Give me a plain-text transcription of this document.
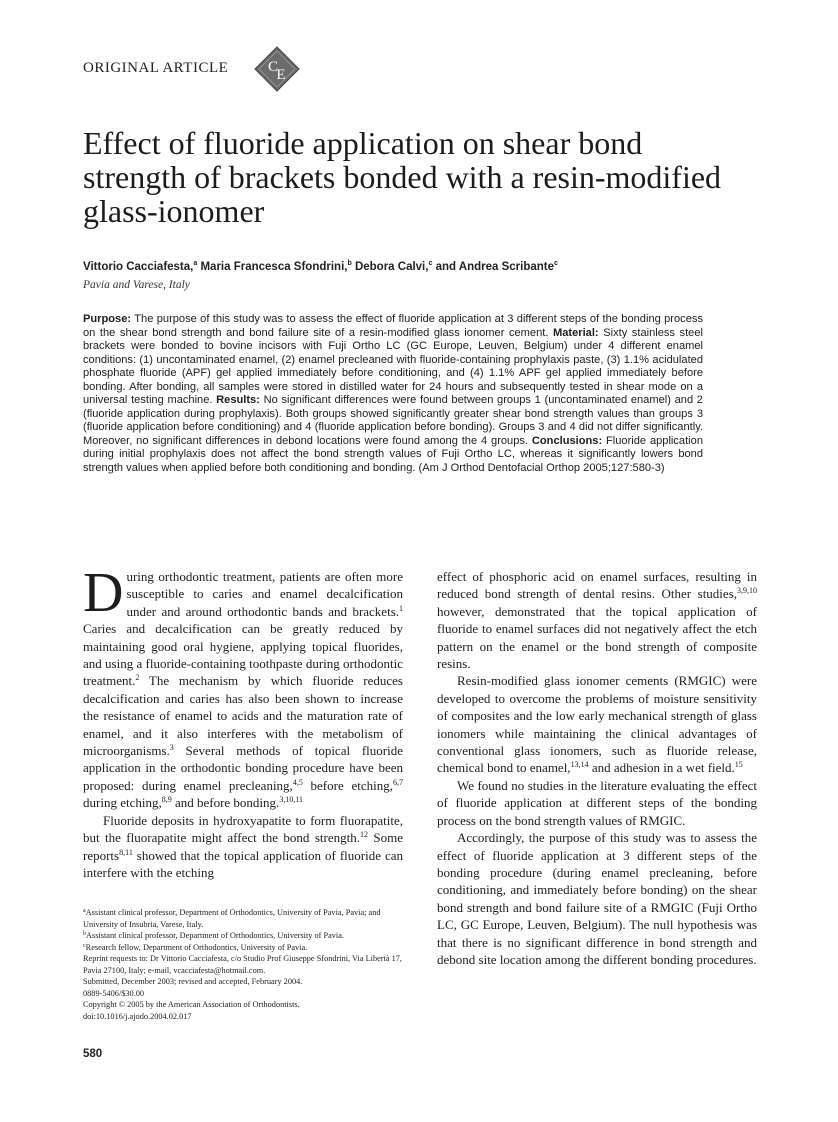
ORIGINAL ARTICLE	C
E
Effect of fluoride application on shear bond strength of brackets bonded with a resin-modified glass-ionomer
Vittorio Cacciafesta,$^a$ Maria Francesca Sfondrini,$^b$ Debora Calvi,$^c$ and Andrea Scribante$^c$
Pavia and Varese, Italy

Purpose: The purpose of this study was to assess the effect of fluoride application at 3 different steps of the bonding process on the shear bond strength and bond failure site of a resin-modified glass ionomer cement. Material: Sixty stainless steel brackets were bonded to bovine incisors with Fuji Ortho LC (GC Europe, Leuven, Belgium) under 4 different enamel conditions: (1) uncontaminated enamel, (2) enamel precleaned with fluoride-containing prophylaxis paste, (3) 1.1% acidulated phosphate fluoride (APF) gel applied immediately before conditioning, and (4) 1.1% APF gel applied immediately before bonding. After bonding, all samples were stored in distilled water for 24 hours and subsequently tested in shear mode on a universal testing machine. Results: No significant differences were found between groups 1 (uncontaminated enamel) and 2 (fluoride application during prophylaxis). Both groups showed significantly greater shear bond strength values than groups 3 (fluoride application before conditioning) and 4 (fluoride application before bonding). Groups 3 and 4 did not differ significantly. Moreover, no significant differences in debond locations were found among the 4 groups. Conclusions: Fluoride application during initial prophylaxis does not affect the bond strength values of Fuji Ortho LC, whereas it significantly lowers bond strength values when applied before both conditioning and bonding. (Am J Orthod Dentofacial Orthop 2005;127:580-3)

During orthodontic treatment, patients are often more susceptible to caries and enamel decalcification under and around orthodontic bands and brackets.$^1$ Caries and decalcification can be greatly reduced by maintaining good oral hygiene, applying topical fluorides, and using a fluoride-containing toothpaste during orthodontic treatment.$^2$ The mechanism by which fluoride reduces decalcification and caries has also been shown to increase the resistance of enamel to acids and the maturation rate of enamel, and it also interferes with the metabolism of microorganisms.$^3$ Several methods of topical fluoride application in the orthodontic bonding procedure have been proposed: during enamel precleaning,$^{4,5}$ before etching,$^{6,7}$ during etching,$^{8,9}$ and before bonding.$^{3,10,11}$

Fluoride deposits in hydroxyapatite to form fluorapatite, but the fluorapatite might affect the bond strength.$^{12}$ Some reports$^{8,11}$ showed that the topical application of fluoride can interfere with the etching

effect of phosphoric acid on enamel surfaces, resulting in reduced bond strength of dental resins. Other studies,$^{3,9,10}$ however, demonstrated that the topical application of fluoride to enamel surfaces did not negatively affect the etch pattern on the enamel or the bond strength of composite resins.

Resin-modified glass ionomer cements (RMGIC) were developed to overcome the problems of moisture sensitivity of composites and the low early mechanical strength of glass ionomers while maintaining the clinical advantages of conventional glass ionomers, such as fluoride release, chemical bond to enamel,$^{13,14}$ and adhesion in a wet field.$^{15}$

We found no studies in the literature evaluating the effect of fluoride application at different steps of the bonding process on the bond strength values of RMGIC.

Accordingly, the purpose of this study was to assess the effect of fluoride application at 3 different steps of the bonding procedure (during enamel precleaning, before conditioning, and immediately before bonding) on the shear bond strength and bond failure site of a RMGIC (Fuji Ortho LC, GC Europe, Leuven, Belgium). The null hypothesis was that there is no significant difference in bond strength and debond site location among the different bonding procedures.

$^a$Assistant clinical professor, Department of Orthodontics, University of Pavia, Pavia; and University of Insubria, Varese, Italy.
$^b$Assistant clinical professor, Department of Orthodontics, University of Pavia.
$^c$Research fellow, Department of Orthodontics, University of Pavia.
Reprint requests to: Dr Vittorio Cacciafesta, c/o Studio Prof Giuseppe Sfondrini, Via Libertà 17, Pavia 27100, Italy; e-mail, vcacciafesta@hotmail.com.
Submitted, December 2003; revised and accepted, February 2004.
0889-5406/$30.00
Copyright © 2005 by the American Association of Orthodontists.
doi:10.1016/j.ajodo.2004.02.017
580
